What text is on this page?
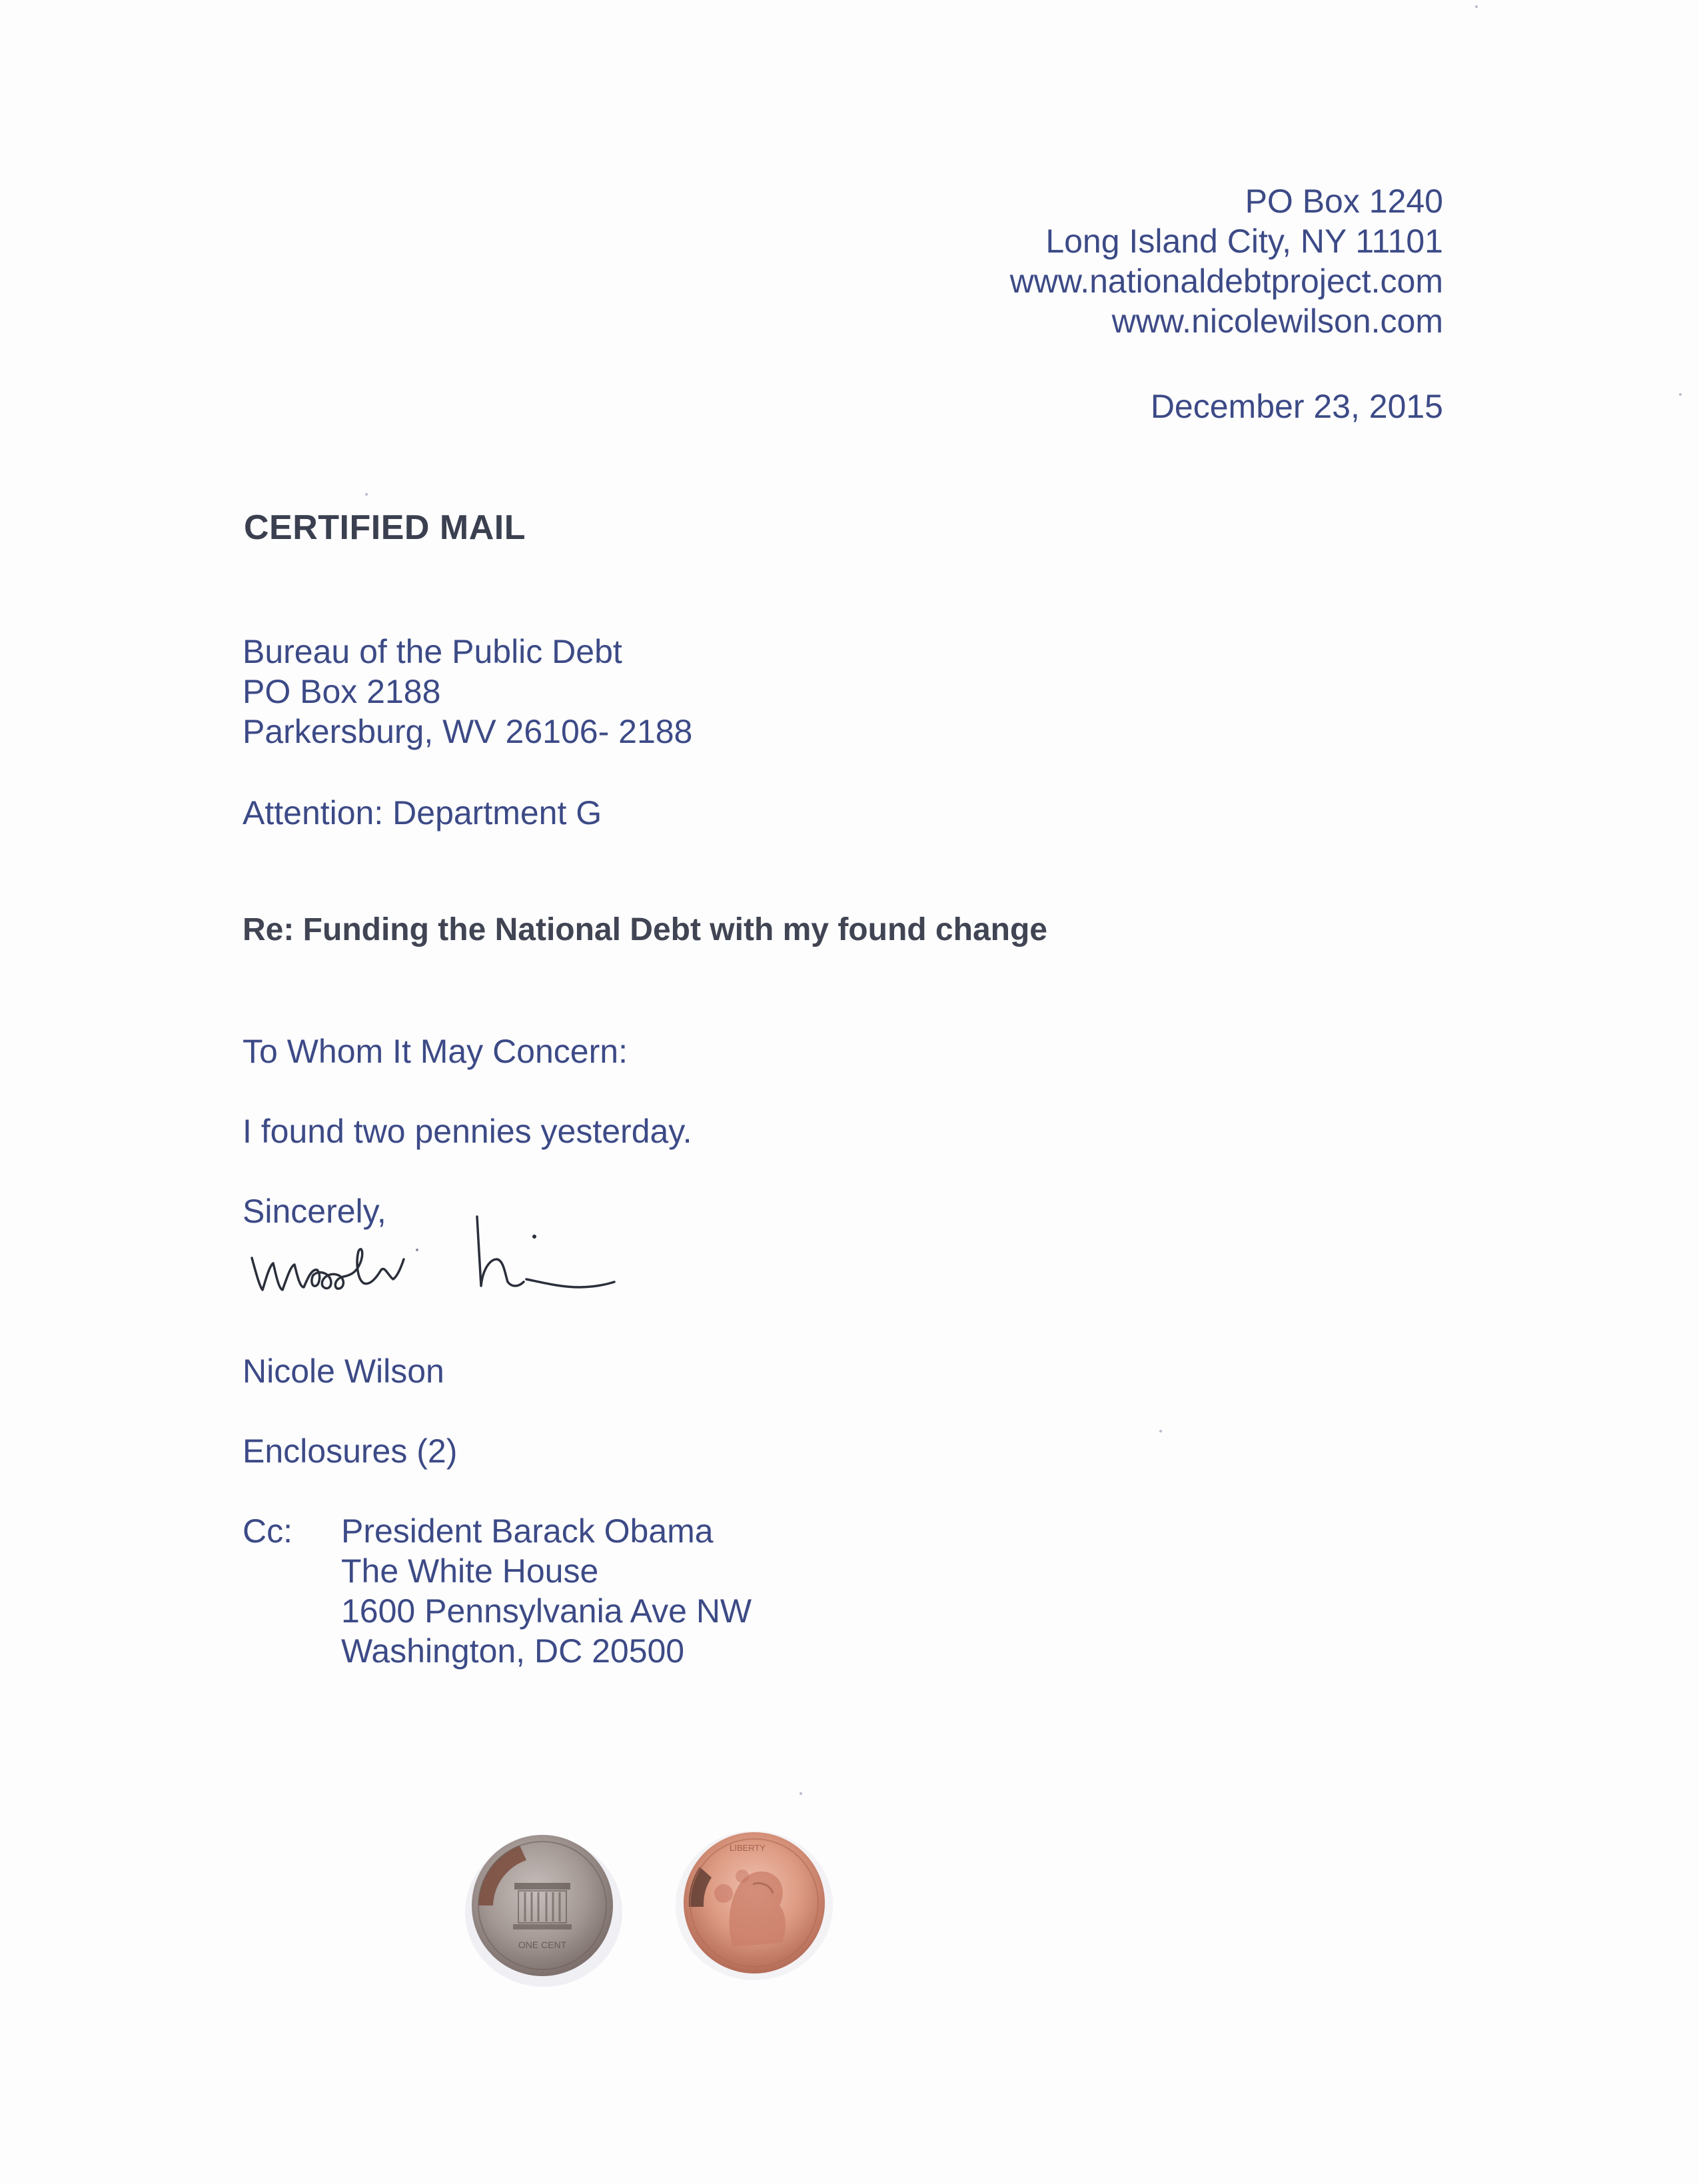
PO Box 1240
Long Island City, NY 11101
www.nationaldebtproject.com
www.nicolewilson.com
December 23, 2015
CERTIFIED MAIL
Bureau of the Public Debt
PO Box 2188
Parkersburg, WV 26106- 2188
Attention: Department G
Re: Funding the National Debt with my found change
To Whom It May Concern:
I found two pennies yesterday.
Sincerely,
Nicole Wilson
Enclosures (2)
Cc: President Barack Obama
The White House
1600 Pennsylvania Ave NW
Washington, DC 20500
ONE CENT
LIBERTY
